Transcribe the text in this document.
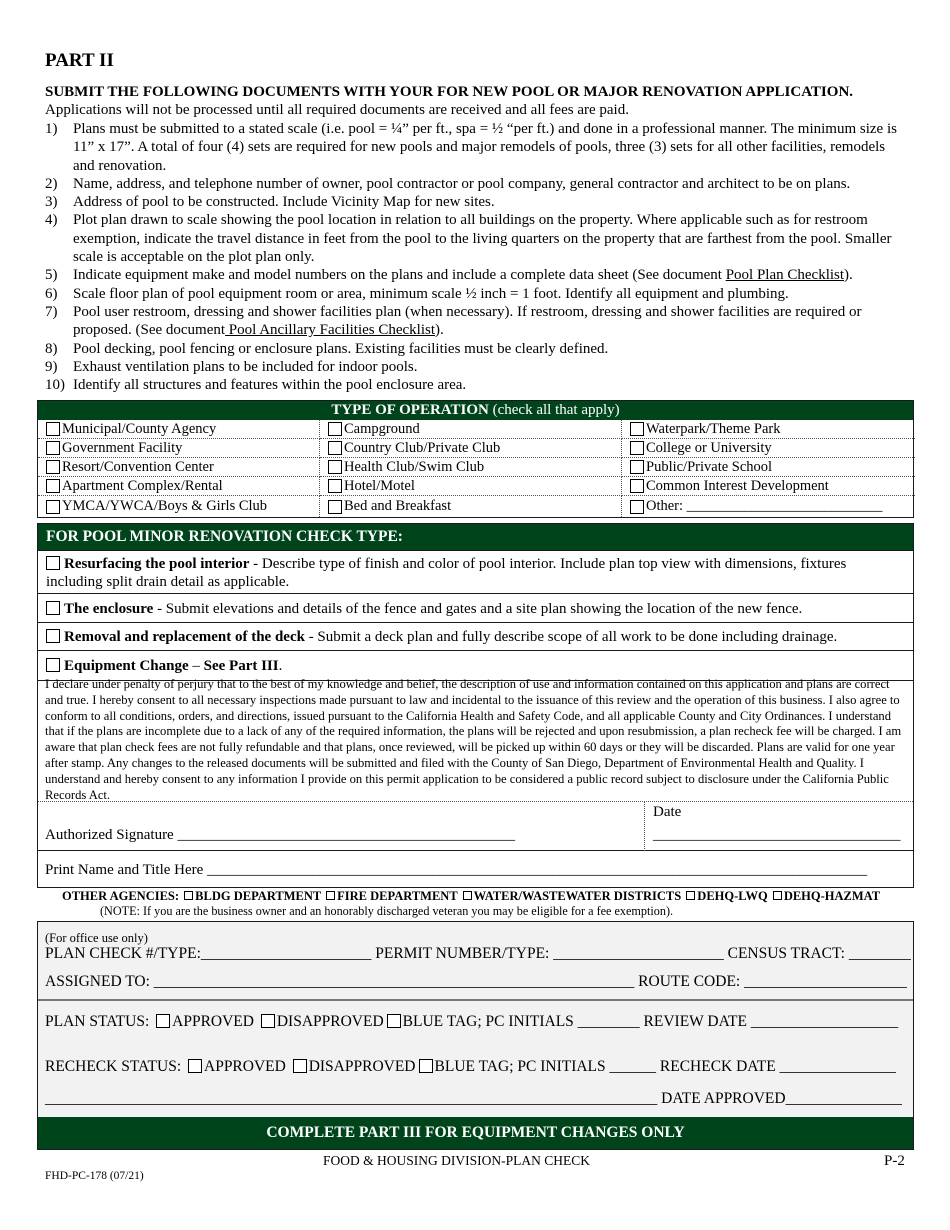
PART II
SUBMIT THE FOLLOWING DOCUMENTS WITH YOUR FOR NEW POOL OR MAJOR RENOVATION APPLICATION.
Applications will not be processed until all required documents are received and all fees are paid.
1)	Plans must be submitted to a stated scale (i.e. pool = ¼” per ft., spa = ½ “per ft.) and done in a professional manner. The minimum size is 11” x 17”. A total of four (4) sets are required for new pools and major remodels of pools, three (3) sets for all other facilities, remodels and renovation.
2)	Name, address, and telephone number of owner, pool contractor or pool company, general contractor and architect to be on plans.
3)	Address of pool to be constructed. Include Vicinity Map for new sites.
4)	Plot plan drawn to scale showing the pool location in relation to all buildings on the property. Where applicable such as for restroom exemption, indicate the travel distance in feet from the pool to the living quarters on the property that are farthest from the pool. Smaller scale is acceptable on the plot plan only.
5)	Indicate equipment make and model numbers on the plans and include a complete data sheet (See document Pool Plan Checklist).
6)	Scale floor plan of pool equipment room or area, minimum scale ½ inch = 1 foot. Identify all equipment and plumbing.
7)	Pool user restroom, dressing and shower facilities plan (when necessary). If restroom, dressing and shower facilities are required or proposed. (See document Pool Ancillary Facilities Checklist).
8)	Pool decking, pool fencing or enclosure plans. Existing facilities must be clearly defined.
9)	Exhaust ventilation plans to be included for indoor pools.
10) Identify all structures and features within the pool enclosure area.
TYPE OF OPERATION (check all that apply)
Municipal/County Agency	Campground	Waterpark/Theme Park
Government Facility	Country Club/Private Club	College or University
Resort/Convention Center	Health Club/Swim Club	Public/Private School
Apartment Complex/Rental	Hotel/Motel	Common Interest Development
YMCA/YWCA/Boys & Girls Club	Bed and Breakfast	Other: ___________________________
FOR POOL MINOR RENOVATION CHECK TYPE:
Resurfacing the pool interior - Describe type of finish and color of pool interior. Include plan top view with dimensions, fixtures including split drain detail as applicable.
The enclosure - Submit elevations and details of the fence and gates and a site plan showing the location of the new fence.
Removal and replacement of the deck - Submit a deck plan and fully describe scope of all work to be done including drainage.
Equipment Change – See Part III.
I declare under penalty of perjury that to the best of my knowledge and belief, the description of use and information contained on this application and plans are correct and true. I hereby consent to all necessary inspections made pursuant to law and incidental to the issuance of this review and the operation of this business. I also agree to conform to all conditions, orders, and directions, issued pursuant to the California Health and Safety Code, and all applicable County and City Ordinances. I understand that if the plans are incomplete due to a lack of any of the required information, the plans will be rejected and upon resubmission, a plan recheck fee will be charged. I am aware that plan check fees are not fully refundable and that plans, once reviewed, will be picked up within 60 days or they will be discarded. Plans are valid for one year after stamp. Any changes to the released documents will be submitted and filed with the County of San Diego, Department of Environmental Health and Quality. I understand and hereby consent to any information I provide on this permit application to be considered a public record subject to disclosure under the California Public Records Act.
Authorized Signature _____________________________________________
Date
_________________________________
Print Name and Title Here ________________________________________________________________________________________
OTHER AGENCIES: BLDG DEPARTMENT FIRE DEPARTMENT WATER/WASTEWATER DISTRICTS DEHQ-LWQ DEHQ-HAZMAT
(NOTE: If you are the business owner and an honorably discharged veteran you may be eligible for a fee exemption).
(For office use only)
PLAN CHECK #/TYPE:______________________ PERMIT NUMBER/TYPE: ______________________ CENSUS TRACT: ________
ASSIGNED TO: ______________________________________________________________ ROUTE CODE: _____________________
PLAN STATUS: APPROVED DISAPPROVED BLUE TAG; PC INITIALS ________ REVIEW DATE ___________________
RECHECK STATUS: APPROVED DISAPPROVED BLUE TAG; PC INITIALS ______ RECHECK DATE _______________
_______________________________________________________________________________ DATE APPROVED_______________
COMPLETE PART III FOR EQUIPMENT CHANGES ONLY
FOOD & HOUSING DIVISION-PLAN CHECK	P-2
FHD-PC-178 (07/21)
